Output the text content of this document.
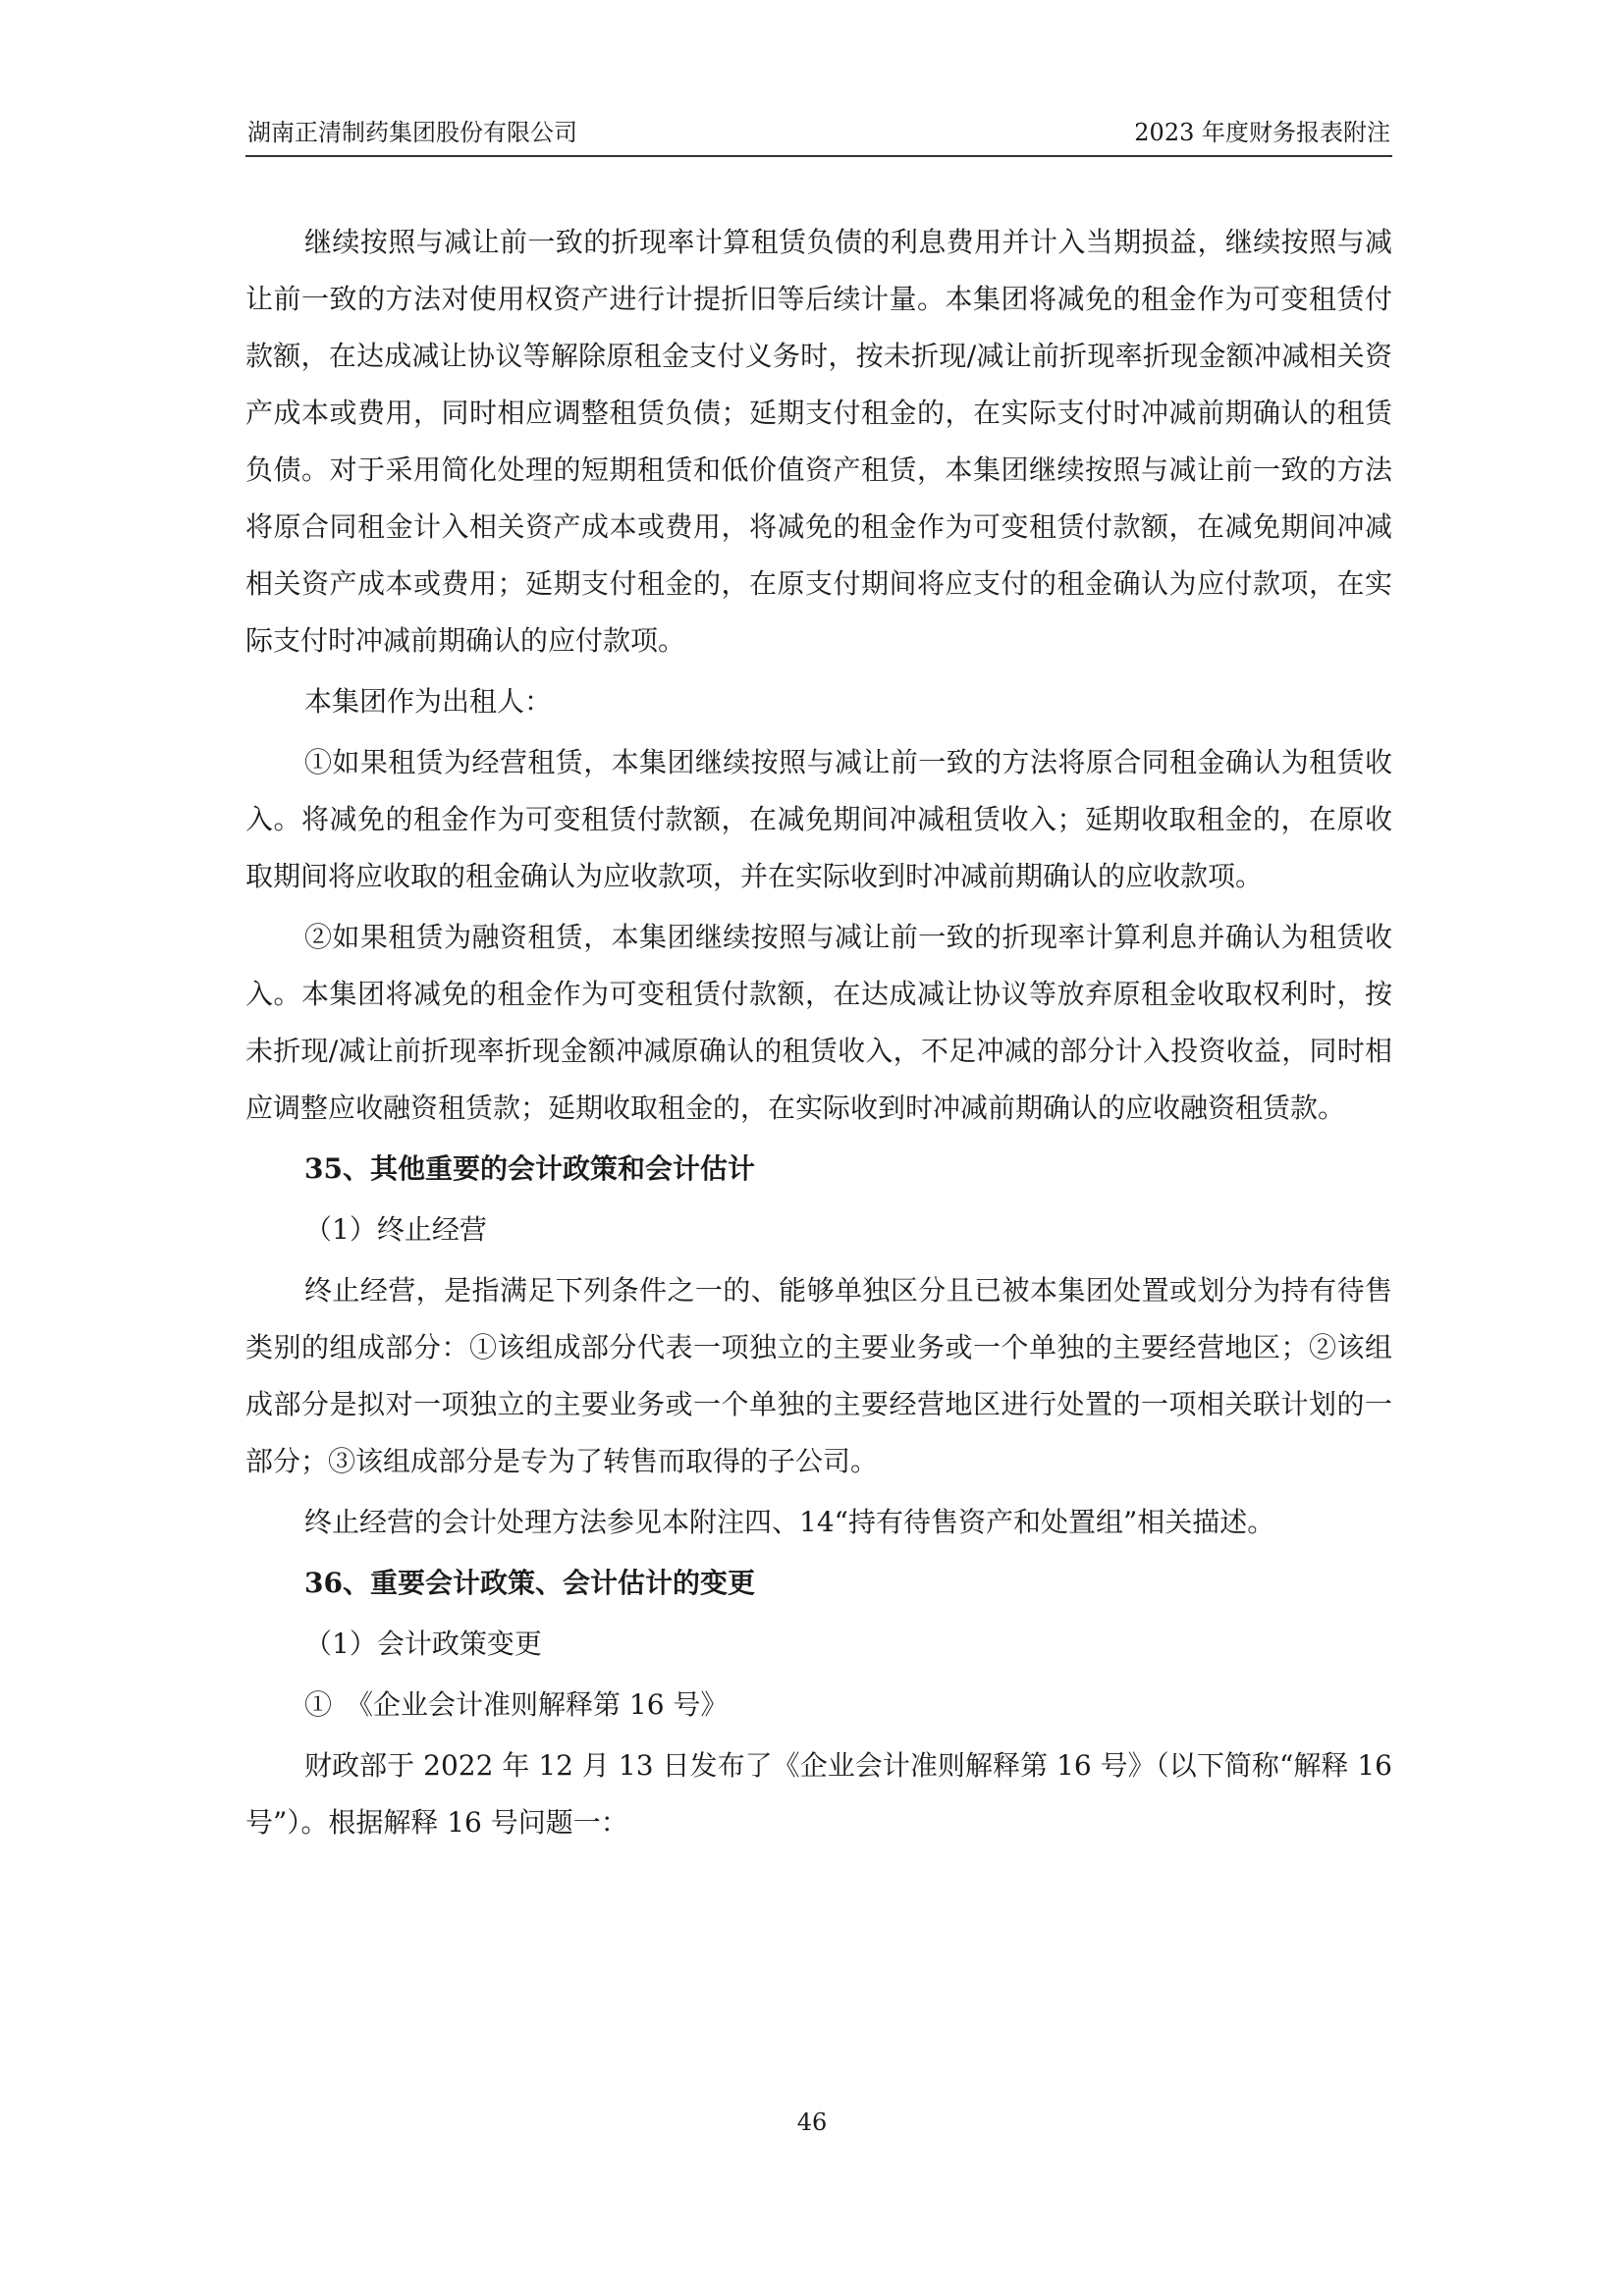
湖南正清制药集团股份有限公司	2023 年度财务报表附注

继续按照与减让前一致的折现率计算租赁负债的利息费用并计入当期损益，继续按照与减让前一致的方法对使用权资产进行计提折旧等后续计量。本集团将减免的租金作为可变租赁付款额，在达成减让协议等解除原租金支付义务时，按未折现/减让前折现率折现金额冲减相关资产成本或费用，同时相应调整租赁负债；延期支付租金的，在实际支付时冲减前期确认的租赁负债。对于采用简化处理的短期租赁和低价值资产租赁，本集团继续按照与减让前一致的方法将原合同租金计入相关资产成本或费用，将减免的租金作为可变租赁付款额，在减免期间冲减相关资产成本或费用；延期支付租金的，在原支付期间将应支付的租金确认为应付款项，在实际支付时冲减前期确认的应付款项。

本集团作为出租人：

①如果租赁为经营租赁，本集团继续按照与减让前一致的方法将原合同租金确认为租赁收入。将减免的租金作为可变租赁付款额，在减免期间冲减租赁收入；延期收取租金的，在原收取期间将应收取的租金确认为应收款项，并在实际收到时冲减前期确认的应收款项。

②如果租赁为融资租赁，本集团继续按照与减让前一致的折现率计算利息并确认为租赁收入。本集团将减免的租金作为可变租赁付款额，在达成减让协议等放弃原租金收取权利时，按未折现/减让前折现率折现金额冲减原确认的租赁收入，不足冲减的部分计入投资收益，同时相应调整应收融资租赁款；延期收取租金的，在实际收到时冲减前期确认的应收融资租赁款。

35、其他重要的会计政策和会计估计

（1）终止经营

终止经营，是指满足下列条件之一的、能够单独区分且已被本集团处置或划分为持有待售类别的组成部分：①该组成部分代表一项独立的主要业务或一个单独的主要经营地区；②该组成部分是拟对一项独立的主要业务或一个单独的主要经营地区进行处置的一项相关联计划的一部分；③该组成部分是专为了转售而取得的子公司。

终止经营的会计处理方法参见本附注四、14“持有待售资产和处置组”相关描述。

36、重要会计政策、会计估计的变更

（1）会计政策变更

①　《企业会计准则解释第 16 号》

财政部于 2022 年 12 月 13 日发布了《企业会计准则解释第 16 号》（以下简称“解释 16 号”）。根据解释 16 号问题一：

46
